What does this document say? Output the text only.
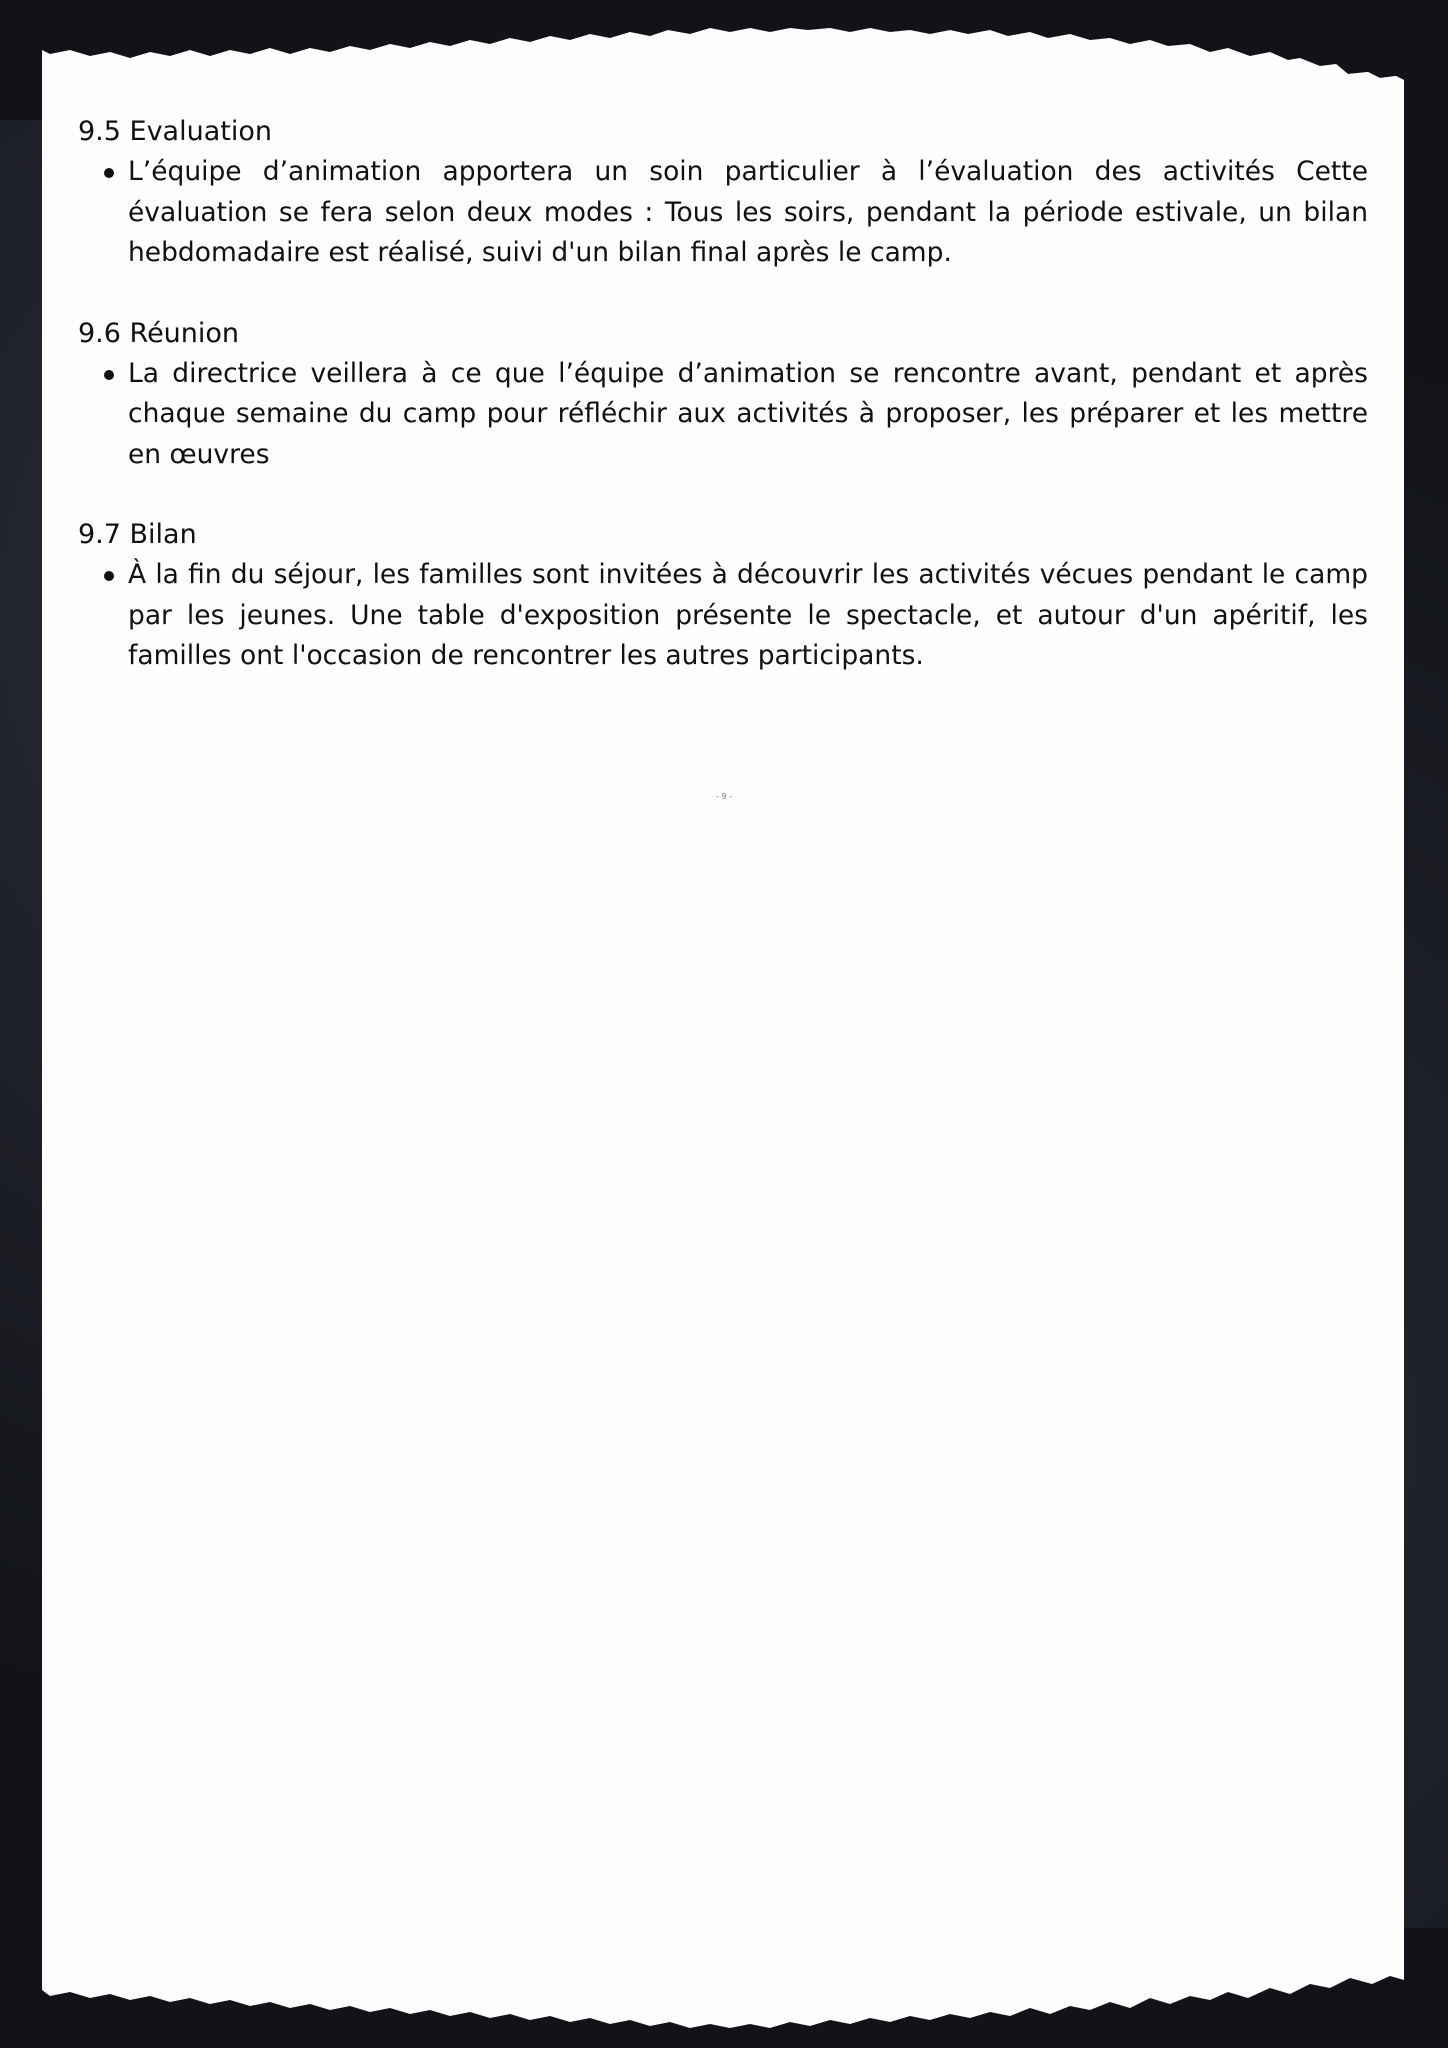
9.5 Evaluation

L’équipe d’animation apportera un soin particulier à l’évaluation des activités Cette évaluation se fera selon deux modes : Tous les soirs, pendant la période estivale, un bilan hebdomadaire est réalisé, suivi d'un bilan final après le camp.

9.6 Réunion

La directrice veillera à ce que l’équipe d’animation se rencontre avant, pendant et après chaque semaine du camp pour réfléchir aux activités à proposer, les préparer et les mettre en œuvres

9.7 Bilan

À la fin du séjour, les familles sont invitées à découvrir les activités vécues pendant le camp par les jeunes. Une table d'exposition présente le spectacle, et autour d'un apéritif, les familles ont l'occasion de rencontrer les autres participants.
- 9 -
